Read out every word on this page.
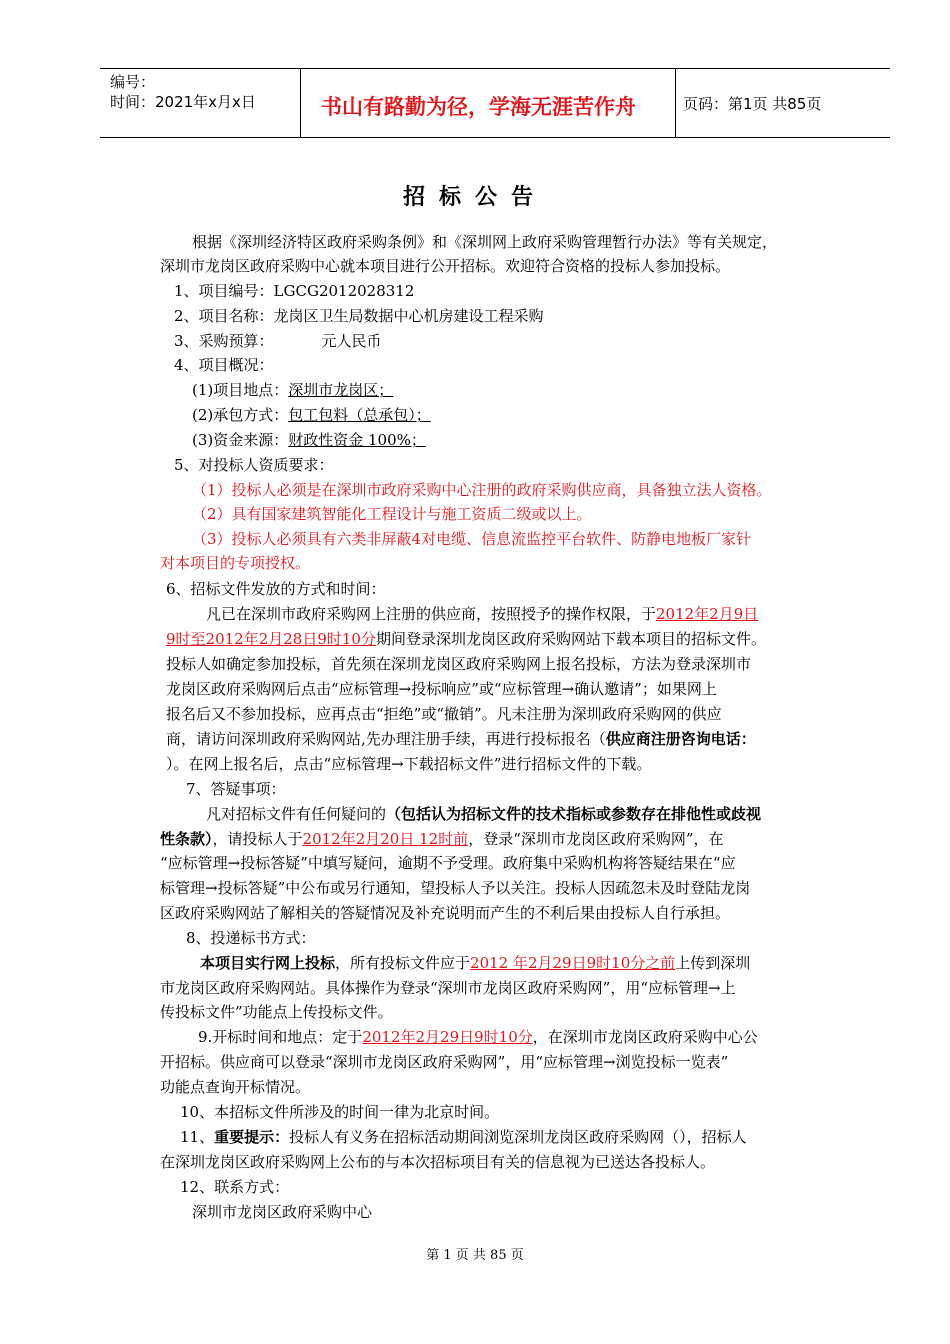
编号：
时间：2021年x月x日	书山有路勤为径，学海无涯苦作舟	页码：第1页 共85页
招标公告
根据《深圳经济特区政府采购条例》和《深圳网上政府采购管理暂行办法》等有关规定，
深圳市龙岗区政府采购中心就本项目进行公开招标。欢迎符合资格的投标人参加投标。
1、项目编号：LGCG2012028312
2、项目名称：龙岗区卫生局数据中心机房建设工程采购
3、采购预算：	元人民币
4、项目概况：
(1)项目地点：深圳市龙岗区；
(2)承包方式：包工包料（总承包）；
(3)资金来源：财政性资金 100%；
5、对投标人资质要求：
（1）投标人必须是在深圳市政府采购中心注册的政府采购供应商，具备独立法人资格。
（2）具有国家建筑智能化工程设计与施工资质二级或以上。
（3）投标人必须具有六类非屏蔽4对电缆、信息流监控平台软件、防静电地板厂家针
对本项目的专项授权。
6、招标文件发放的方式和时间：
凡已在深圳市政府采购网上注册的供应商，按照授予的操作权限，于2012年2月9日
9时至2012年2月28日9时10分期间登录深圳龙岗区政府采购网站下载本项目的招标文件。
投标人如确定参加投标，首先须在深圳龙岗区政府采购网上报名投标，方法为登录深圳市
龙岗区政府采购网后点击“应标管理→投标响应”或“应标管理→确认邀请”；如果网上
报名后又不参加投标，应再点击“拒绝”或“撤销”。凡未注册为深圳政府采购网的供应
商，请访问深圳政府采购网站,先办理注册手续，再进行投标报名（供应商注册咨询电话：
）。在网上报名后，点击“应标管理→下载招标文件”进行招标文件的下载。
7、答疑事项：
凡对招标文件有任何疑问的（包括认为招标文件的技术指标或参数存在排他性或歧视
性条款），请投标人于2012年2月20日 12时前，登录“深圳市龙岗区政府采购网”，在
“应标管理→投标答疑”中填写疑问，逾期不予受理。政府集中采购机构将答疑结果在“应
标管理→投标答疑”中公布或另行通知，望投标人予以关注。投标人因疏忽未及时登陆龙岗
区政府采购网站了解相关的答疑情况及补充说明而产生的不利后果由投标人自行承担。
8、投递标书方式：
本项目实行网上投标，所有投标文件应于2012 年2月29日9时10分之前上传到深圳
市龙岗区政府采购网站。具体操作为登录“深圳市龙岗区政府采购网”，用“应标管理→上
传投标文件”功能点上传投标文件。
9.开标时间和地点：定于2012年2月29日9时10分，在深圳市龙岗区政府采购中心公
开招标。供应商可以登录“深圳市龙岗区政府采购网”，用“应标管理→浏览投标一览表”
功能点查询开标情况。
10、本招标文件所涉及的时间一律为北京时间。
11、重要提示：投标人有义务在招标活动期间浏览深圳龙岗区政府采购网（），招标人
在深圳龙岗区政府采购网上公布的与本次招标项目有关的信息视为已送达各投标人。
12、联系方式：
深圳市龙岗区政府采购中心
第 1 页 共 85 页
